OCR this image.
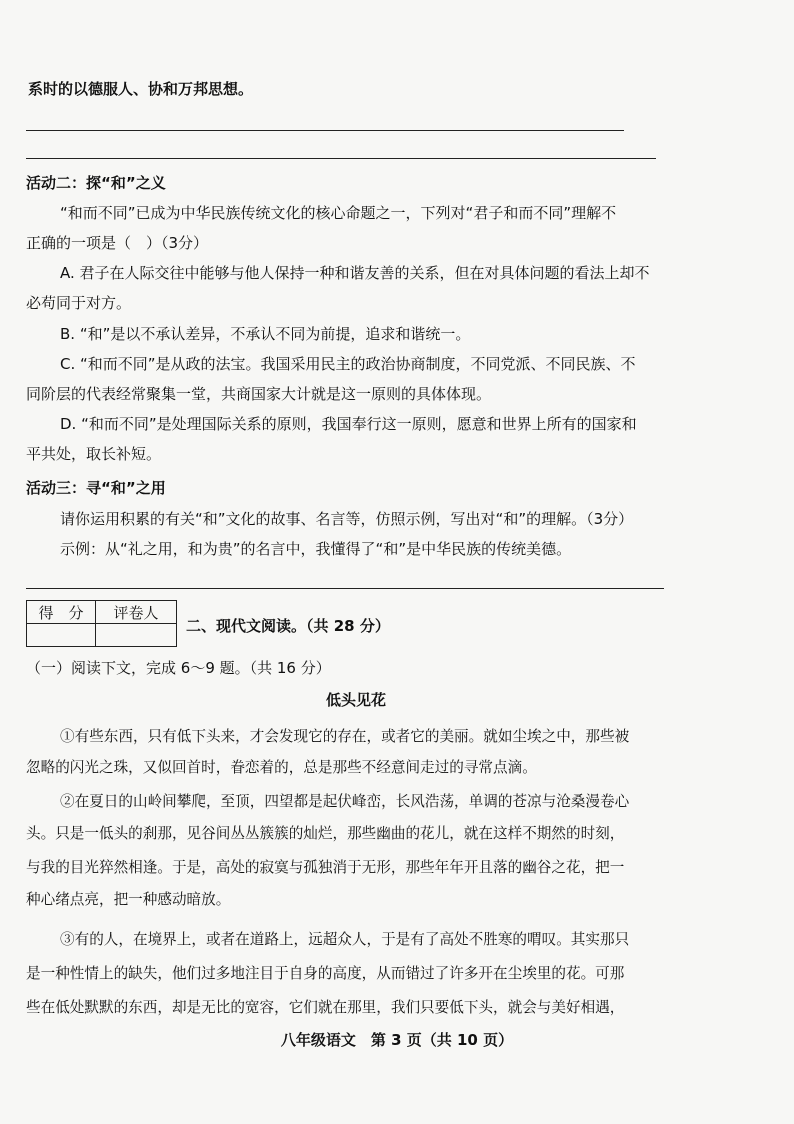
系时的以德服人、协和万邦思想。
活动二：探“和”之义
“和而不同”已成为中华民族传统文化的核心命题之一，下列对“君子和而不同”理解不
正确的一项是（　）（3分）
A. 君子在人际交往中能够与他人保持一种和谐友善的关系，但在对具体问题的看法上却不
必苟同于对方。
B. “和”是以不承认差异，不承认不同为前提，追求和谐统一。
C. “和而不同”是从政的法宝。我国采用民主的政治协商制度，不同党派、不同民族、不
同阶层的代表经常聚集一堂，共商国家大计就是这一原则的具体体现。
D. “和而不同”是处理国际关系的原则，我国奉行这一原则，愿意和世界上所有的国家和
平共处，取长补短。
活动三：寻“和”之用
请你运用积累的有关“和”文化的故事、名言等，仿照示例，写出对“和”的理解。（3分）
示例：从“礼之用，和为贵”的名言中，我懂得了“和”是中华民族的传统美德。
得　分	评卷人

二、现代文阅读。（共 28 分）
（一）阅读下文，完成 6～9 题。（共 16 分）
低头见花
①有些东西，只有低下头来，才会发现它的存在，或者它的美丽。就如尘埃之中，那些被
忽略的闪光之珠，又似回首时，眷恋着的，总是那些不经意间走过的寻常点滴。
②在夏日的山岭间攀爬，至顶，四望都是起伏峰峦，长风浩荡，单调的苍凉与沧桑漫卷心
头。只是一低头的刹那，见谷间丛丛簇簇的灿烂，那些幽曲的花儿，就在这样不期然的时刻，
与我的目光猝然相逢。于是，高处的寂寞与孤独消于无形，那些年年开且落的幽谷之花，把一
种心绪点亮，把一种感动暗放。
③有的人，在境界上，或者在道路上，远超众人，于是有了高处不胜寒的喟叹。其实那只
是一种性情上的缺失，他们过多地注目于自身的高度，从而错过了许多开在尘埃里的花。可那
些在低处默默的东西，却是无比的宽容，它们就在那里，我们只要低下头，就会与美好相遇，
八年级语文　第 3 页（共 10 页）
